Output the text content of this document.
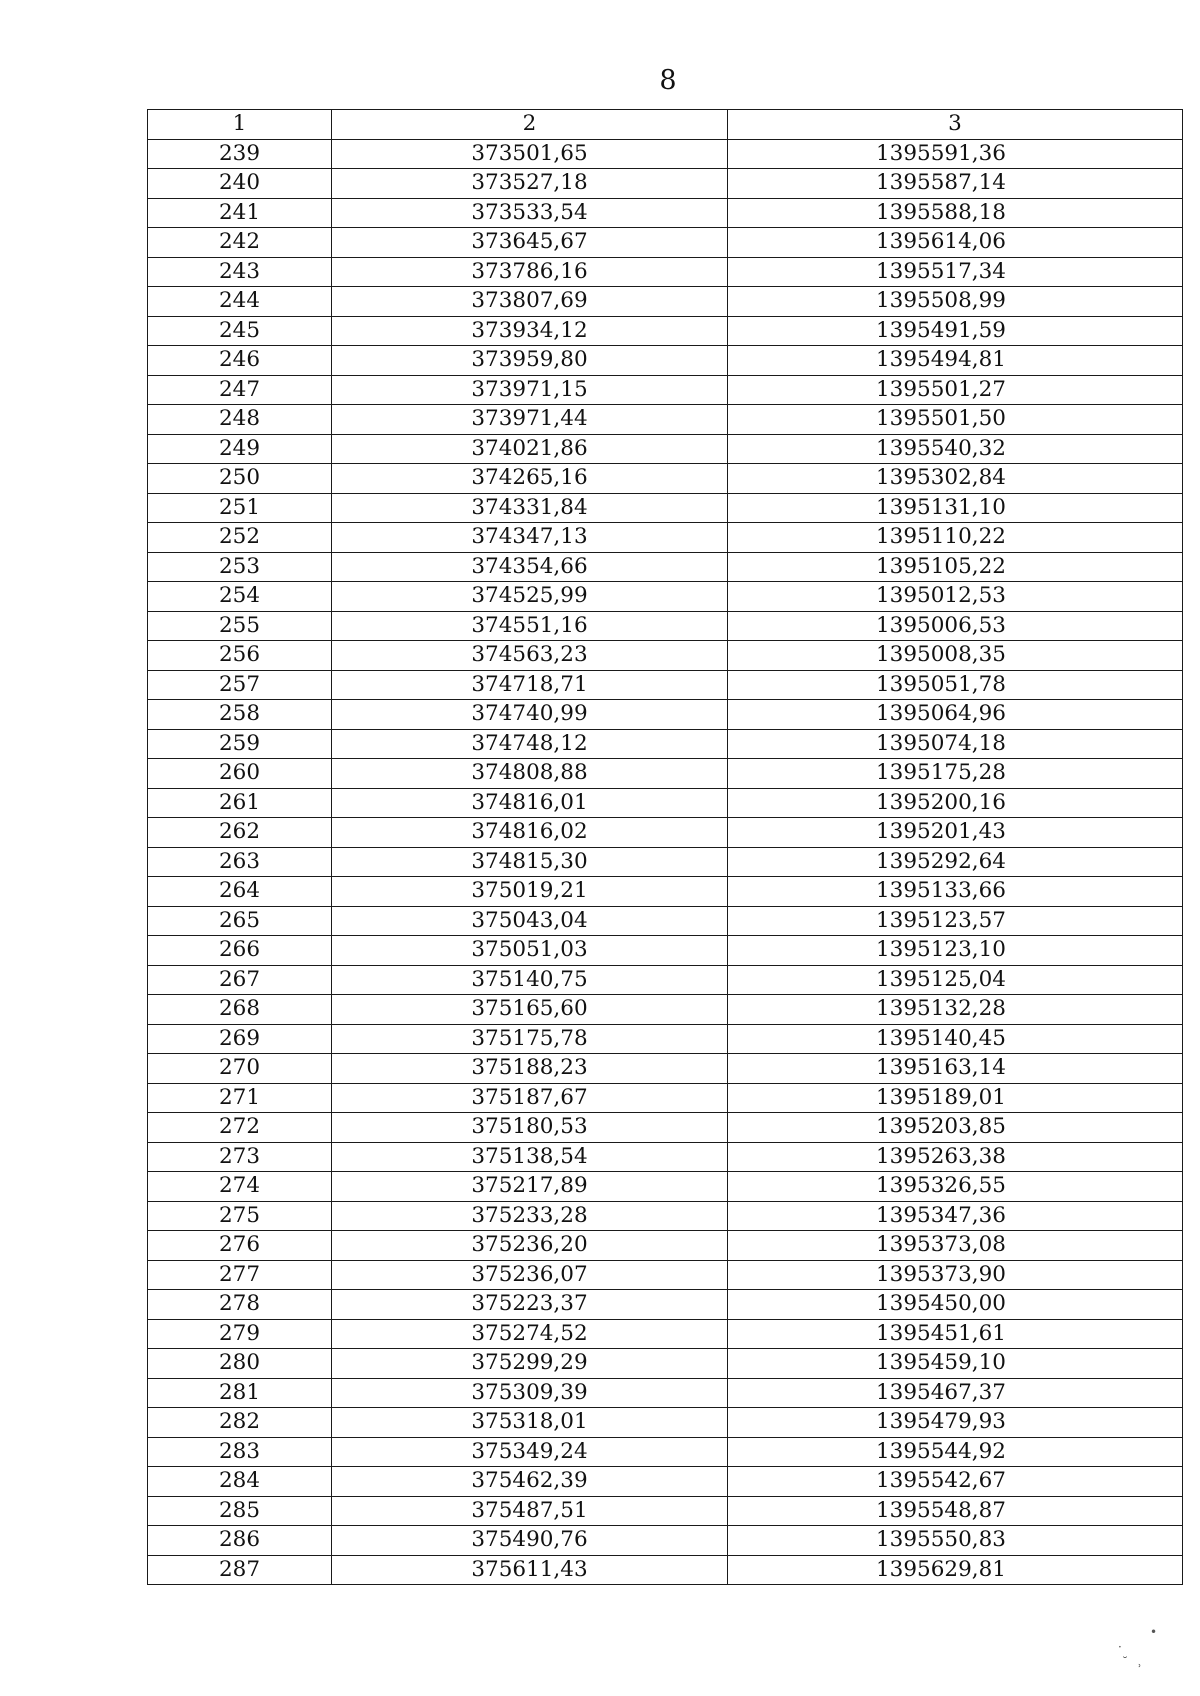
8
1	2	3
239	373501,65	1395591,36
240	373527,18	1395587,14
241	373533,54	1395588,18
242	373645,67	1395614,06
243	373786,16	1395517,34
244	373807,69	1395508,99
245	373934,12	1395491,59
246	373959,80	1395494,81
247	373971,15	1395501,27
248	373971,44	1395501,50
249	374021,86	1395540,32
250	374265,16	1395302,84
251	374331,84	1395131,10
252	374347,13	1395110,22
253	374354,66	1395105,22
254	374525,99	1395012,53
255	374551,16	1395006,53
256	374563,23	1395008,35
257	374718,71	1395051,78
258	374740,99	1395064,96
259	374748,12	1395074,18
260	374808,88	1395175,28
261	374816,01	1395200,16
262	374816,02	1395201,43
263	374815,30	1395292,64
264	375019,21	1395133,66
265	375043,04	1395123,57
266	375051,03	1395123,10
267	375140,75	1395125,04
268	375165,60	1395132,28
269	375175,78	1395140,45
270	375188,23	1395163,14
271	375187,67	1395189,01
272	375180,53	1395203,85
273	375138,54	1395263,38
274	375217,89	1395326,55
275	375233,28	1395347,36
276	375236,20	1395373,08
277	375236,07	1395373,90
278	375223,37	1395450,00
279	375274,52	1395451,61
280	375299,29	1395459,10
281	375309,39	1395467,37
282	375318,01	1395479,93
283	375349,24	1395544,92
284	375462,39	1395542,67
285	375487,51	1395548,87
286	375490,76	1395550,83
287	375611,43	1395629,81
•
·
˘ ˒
